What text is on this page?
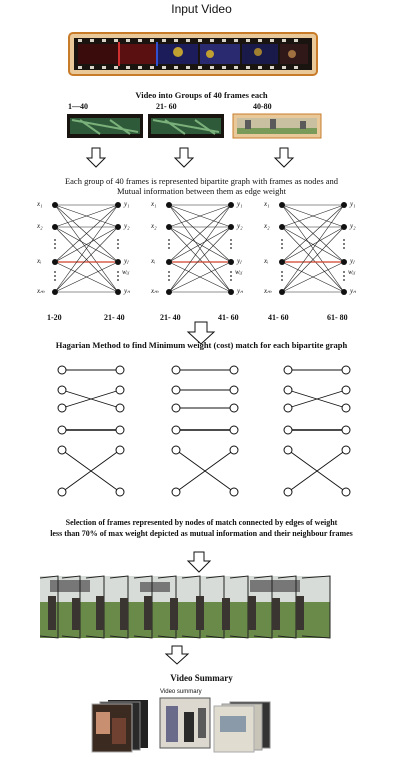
Input Video
Video into Groups of 40 frames each
1—40	21- 60	40-80
Each group of 40 frames is represented bipartite graph with frames as nodes and
Mutual information between them as edge weight
x₁	y₁
x₂	y₂
xᵢ	yⱼ
xₘ	yₙ
wᵢⱼ
x₁	y₁
x₂	y₂
xᵢ	yⱼ
xₘ	yₙ
wᵢⱼ
x₁	y₁
x₂	y₂
xᵢ	yⱼ
xₘ	yₙ
wᵢⱼ
1-20	21- 40	21- 40	41- 60	41- 60	61- 80
Hagarian Method to find Minimum weight (cost) match for each bipartite graph
Selection of frames represented by nodes of match connected by edges of weight
less than 70% of max weight depicted as mutual information and their neighbour frames
Video Summary
Video summary
